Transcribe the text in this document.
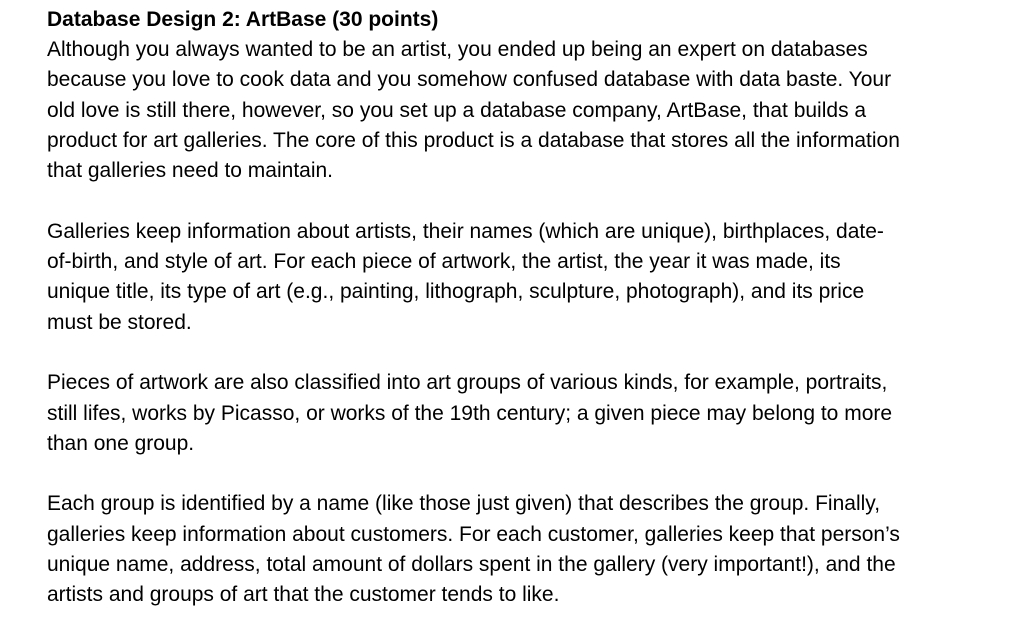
Database Design 2: ArtBase (30 points)

Although you always wanted to be an artist, you ended up being an expert on databases
because you love to cook data and you somehow confused database with data baste. Your
old love is still there, however, so you set up a database company, ArtBase, that builds a
product for art galleries. The core of this product is a database that stores all the information
that galleries need to maintain.

Galleries keep information about artists, their names (which are unique), birthplaces, date-
of-birth, and style of art. For each piece of artwork, the artist, the year it was made, its
unique title, its type of art (e.g., painting, lithograph, sculpture, photograph), and its price
must be stored.

Pieces of artwork are also classified into art groups of various kinds, for example, portraits,
still lifes, works by Picasso, or works of the 19th century; a given piece may belong to more
than one group.

Each group is identified by a name (like those just given) that describes the group. Finally,
galleries keep information about customers. For each customer, galleries keep that person’s
unique name, address, total amount of dollars spent in the gallery (very important!), and the
artists and groups of art that the customer tends to like.
